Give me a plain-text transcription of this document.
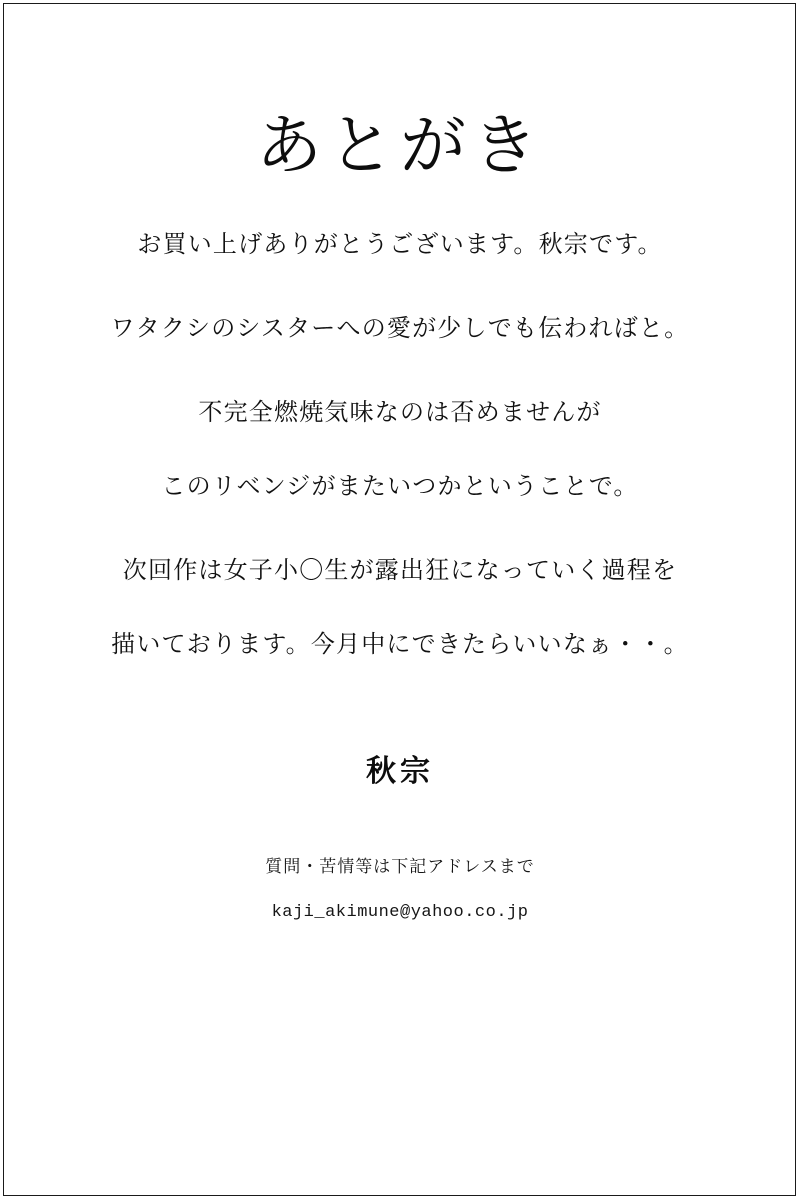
あとがき

お買い上げありがとうございます。秋宗です。

ワタクシのシスターへの愛が少しでも伝わればと。

不完全燃焼気味なのは否めませんが

このリベンジがまたいつかということで。

次回作は女子小〇生が露出狂になっていく過程を

描いております。今月中にできたらいいなぁ・・。

秋宗

質問・苦情等は下記アドレスまで

kaji_akimune@yahoo.co.jp
